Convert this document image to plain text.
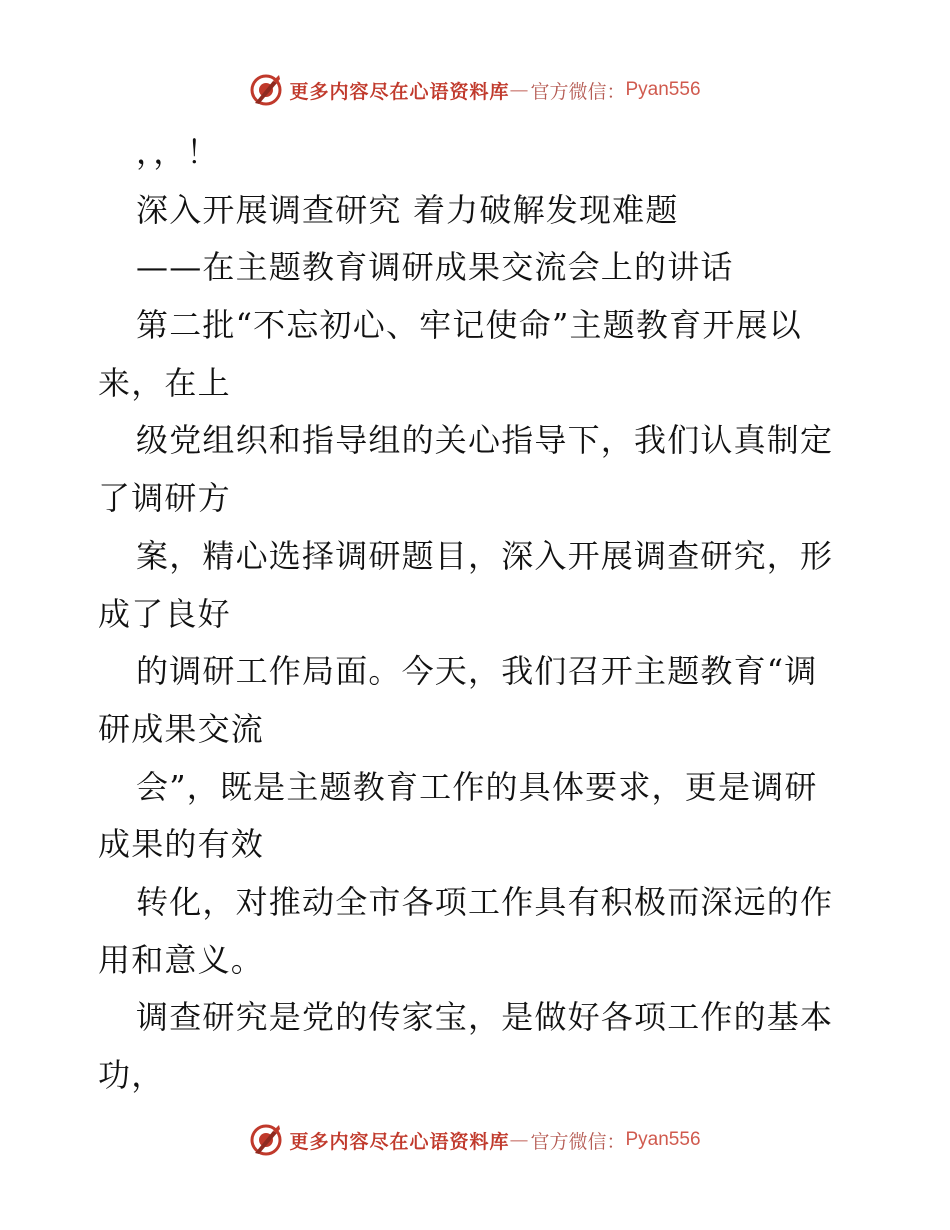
更多内容尽在心语资料库 — 官方微信： Pyan556
，，！
深入开展调查研究 着力破解发现难题
——在主题教育调研成果交流会上的讲话
第二批“不忘初心、牢记使命”主题教育开展以
来，在上
级党组织和指导组的关心指导下，我们认真制定
了调研方
案，精心选择调研题目，深入开展调查研究，形
成了良好
的调研工作局面。今天，我们召开主题教育“调
研成果交流
会”，既是主题教育工作的具体要求，更是调研
成果的有效
转化，对推动全市各项工作具有积极而深远的作
用和意义。
调查研究是党的传家宝，是做好各项工作的基本
功，
更多内容尽在心语资料库 — 官方微信： Pyan556
